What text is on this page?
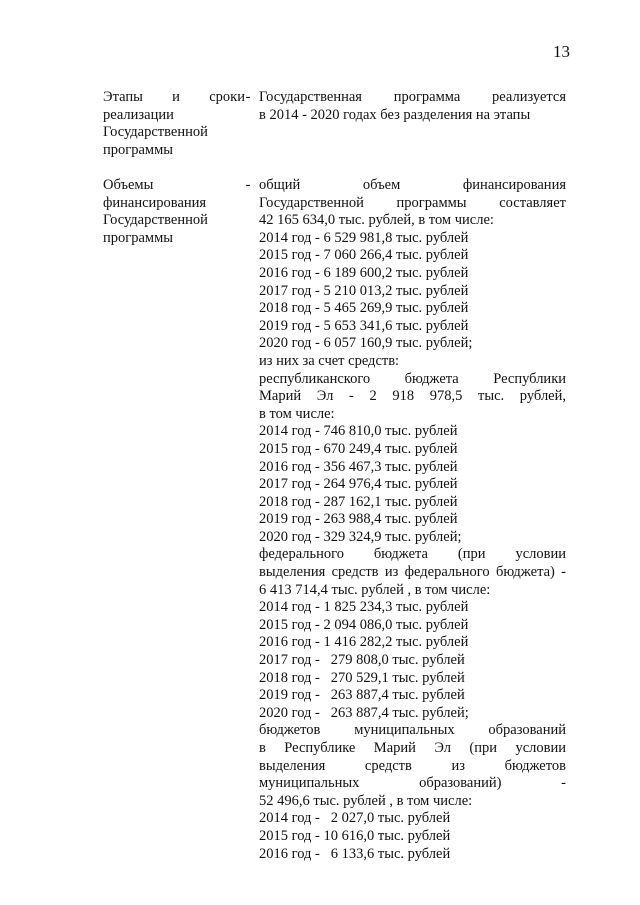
13
Этапы и сроки
реализации
Государственной
программы
- Государственная программа реализуется
в 2014 - 2020 годах без разделения на этапы
Объемы
финансирования
Государственной
программы
- общий объем финансирования
Государственной программы составляет
42 165 634,0 тыс. рублей, в том числе:
2014 год - 6 529 981,8 тыс. рублей
2015 год - 7 060 266,4 тыс. рублей
2016 год - 6 189 600,2 тыс. рублей
2017 год - 5 210 013,2 тыс. рублей
2018 год - 5 465 269,9 тыс. рублей
2019 год - 5 653 341,6 тыс. рублей
2020 год - 6 057 160,9 тыс. рублей;
из них за счет средств:
республиканского бюджета Республики
Марий Эл - 2 918 978,5 тыс. рублей,
в том числе:
2014 год - 746 810,0 тыс. рублей
2015 год - 670 249,4 тыс. рублей
2016 год - 356 467,3 тыс. рублей
2017 год - 264 976,4 тыс. рублей
2018 год - 287 162,1 тыс. рублей
2019 год - 263 988,4 тыс. рублей
2020 год - 329 324,9 тыс. рублей;
федерального бюджета (при условии
выделения средств из федерального бюджета) -
6 413 714,4 тыс. рублей , в том числе:
2014 год - 1 825 234,3 тыс. рублей
2015 год - 2 094 086,0 тыс. рублей
2016 год - 1 416 282,2 тыс. рублей
2017 год -   279 808,0 тыс. рублей
2018 год -   270 529,1 тыс. рублей
2019 год -   263 887,4 тыс. рублей
2020 год -   263 887,4 тыс. рублей;
бюджетов муниципальных образований
в Республике Марий Эл (при условии
выделения средств из бюджетов
муниципальных образований) -
52 496,6 тыс. рублей , в том числе:
2014 год -   2 027,0 тыс. рублей
2015 год - 10 616,0 тыс. рублей
2016 год -   6 133,6 тыс. рублей
